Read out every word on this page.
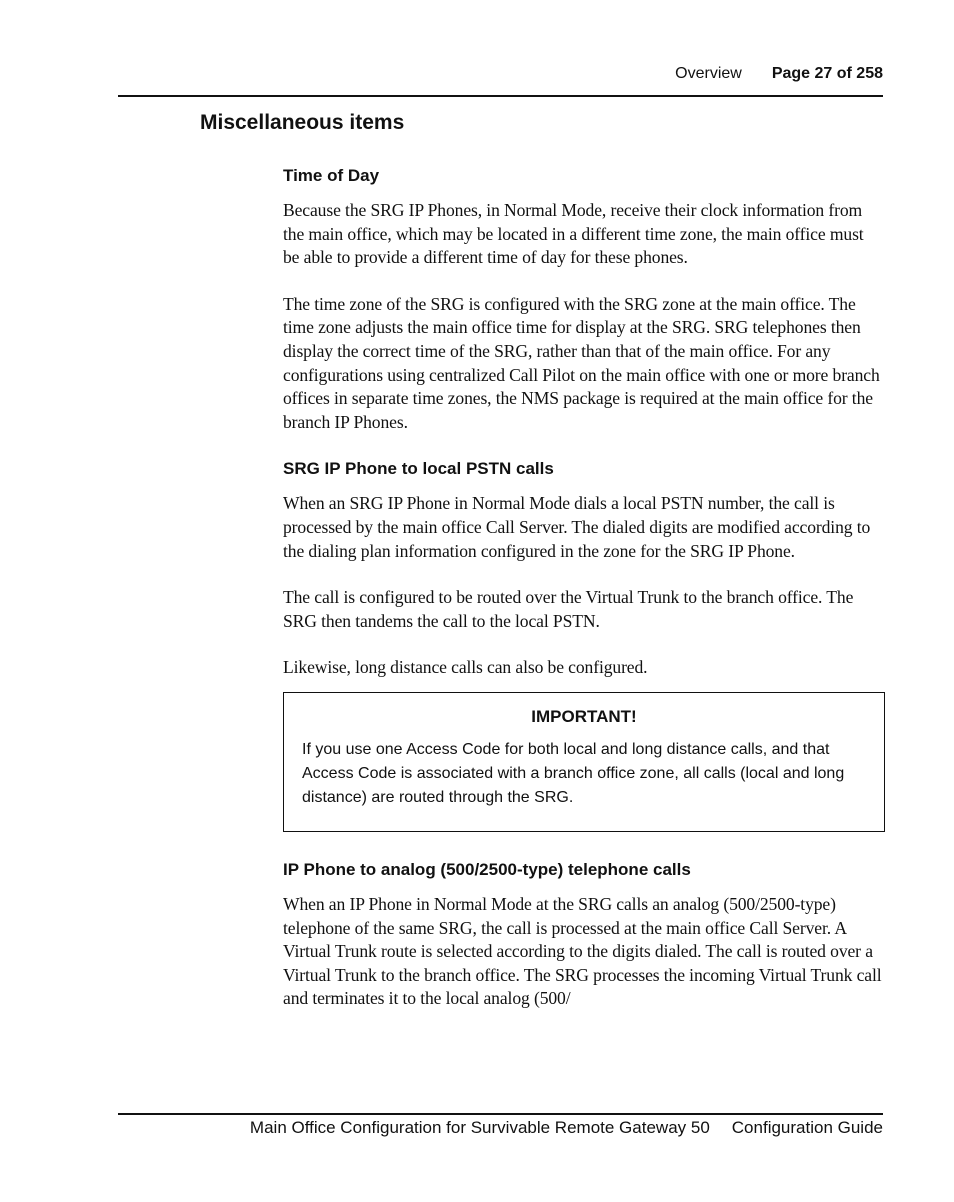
Overview Page 27 of 258
Miscellaneous items
Time of Day

Because the SRG IP Phones, in Normal Mode, receive their clock information from the main office, which may be located in a different time zone, the main office must be able to provide a different time of day for these phones.

The time zone of the SRG is configured with the SRG zone at the main office. The time zone adjusts the main office time for display at the SRG. SRG telephones then display the correct time of the SRG, rather than that of the main office. For any configurations using centralized Call Pilot on the main office with one or more branch offices in separate time zones, the NMS package is required at the main office for the branch IP Phones.

SRG IP Phone to local PSTN calls

When an SRG IP Phone in Normal Mode dials a local PSTN number, the call is processed by the main office Call Server. The dialed digits are modified according to the dialing plan information configured in the zone for the SRG IP Phone.

The call is configured to be routed over the Virtual Trunk to the branch office. The SRG then tandems the call to the local PSTN.

Likewise, long distance calls can also be configured.

IMPORTANT!
If you use one Access Code for both local and long distance calls, and that Access Code is associated with a branch office zone, all calls (local and long distance) are routed through the SRG.
IP Phone to analog (500/2500-type) telephone calls

When an IP Phone in Normal Mode at the SRG calls an analog (500/2500-type) telephone of the same SRG, the call is processed at the main office Call Server. A Virtual Trunk route is selected according to the digits dialed. The call is routed over a Virtual Trunk to the branch office. The SRG processes the incoming Virtual Trunk call and terminates it to the local analog (500/

Main Office Configuration for Survivable Remote Gateway 50 Configuration Guide
